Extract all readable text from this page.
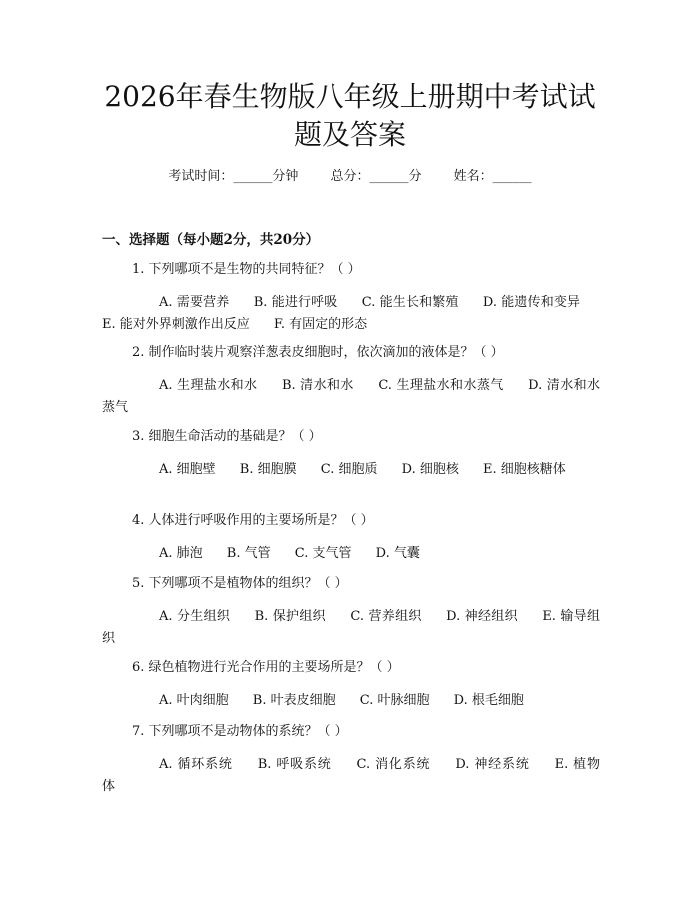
2026年春生物版八年级上册期中考试试题及答案
考试时间：______分钟 总分：______分 姓名：______
一、选择题（每小题2分，共20分）

1. 下列哪项不是生物的共同特征？（ ）

A. 需要营养 B. 能进行呼吸 C. 能生长和繁殖 D. 能遗传和变异 E. 能对外界刺激作出反应 F. 有固定的形态

2. 制作临时装片观察洋葱表皮细胞时，依次滴加的液体是？（ ）

A. 生理盐水和水 B. 清水和水 C. 生理盐水和水蒸气 D. 清水和水蒸气

3. 细胞生命活动的基础是？（ ）

A. 细胞壁 B. 细胞膜 C. 细胞质 D. 细胞核 E. 细胞核糖体

4. 人体进行呼吸作用的主要场所是？（ ）

A. 肺泡 B. 气管 C. 支气管 D. 气囊

5. 下列哪项不是植物体的组织？（ ）

A. 分生组织 B. 保护组织 C. 营养组织 D. 神经组织 E. 输导组织

6. 绿色植物进行光合作用的主要场所是？（ ）

A. 叶肉细胞 B. 叶表皮细胞 C. 叶脉细胞 D. 根毛细胞

7. 下列哪项不是动物体的系统？（ ）

A. 循环系统 B. 呼吸系统 C. 消化系统 D. 神经系统 E. 植物体
